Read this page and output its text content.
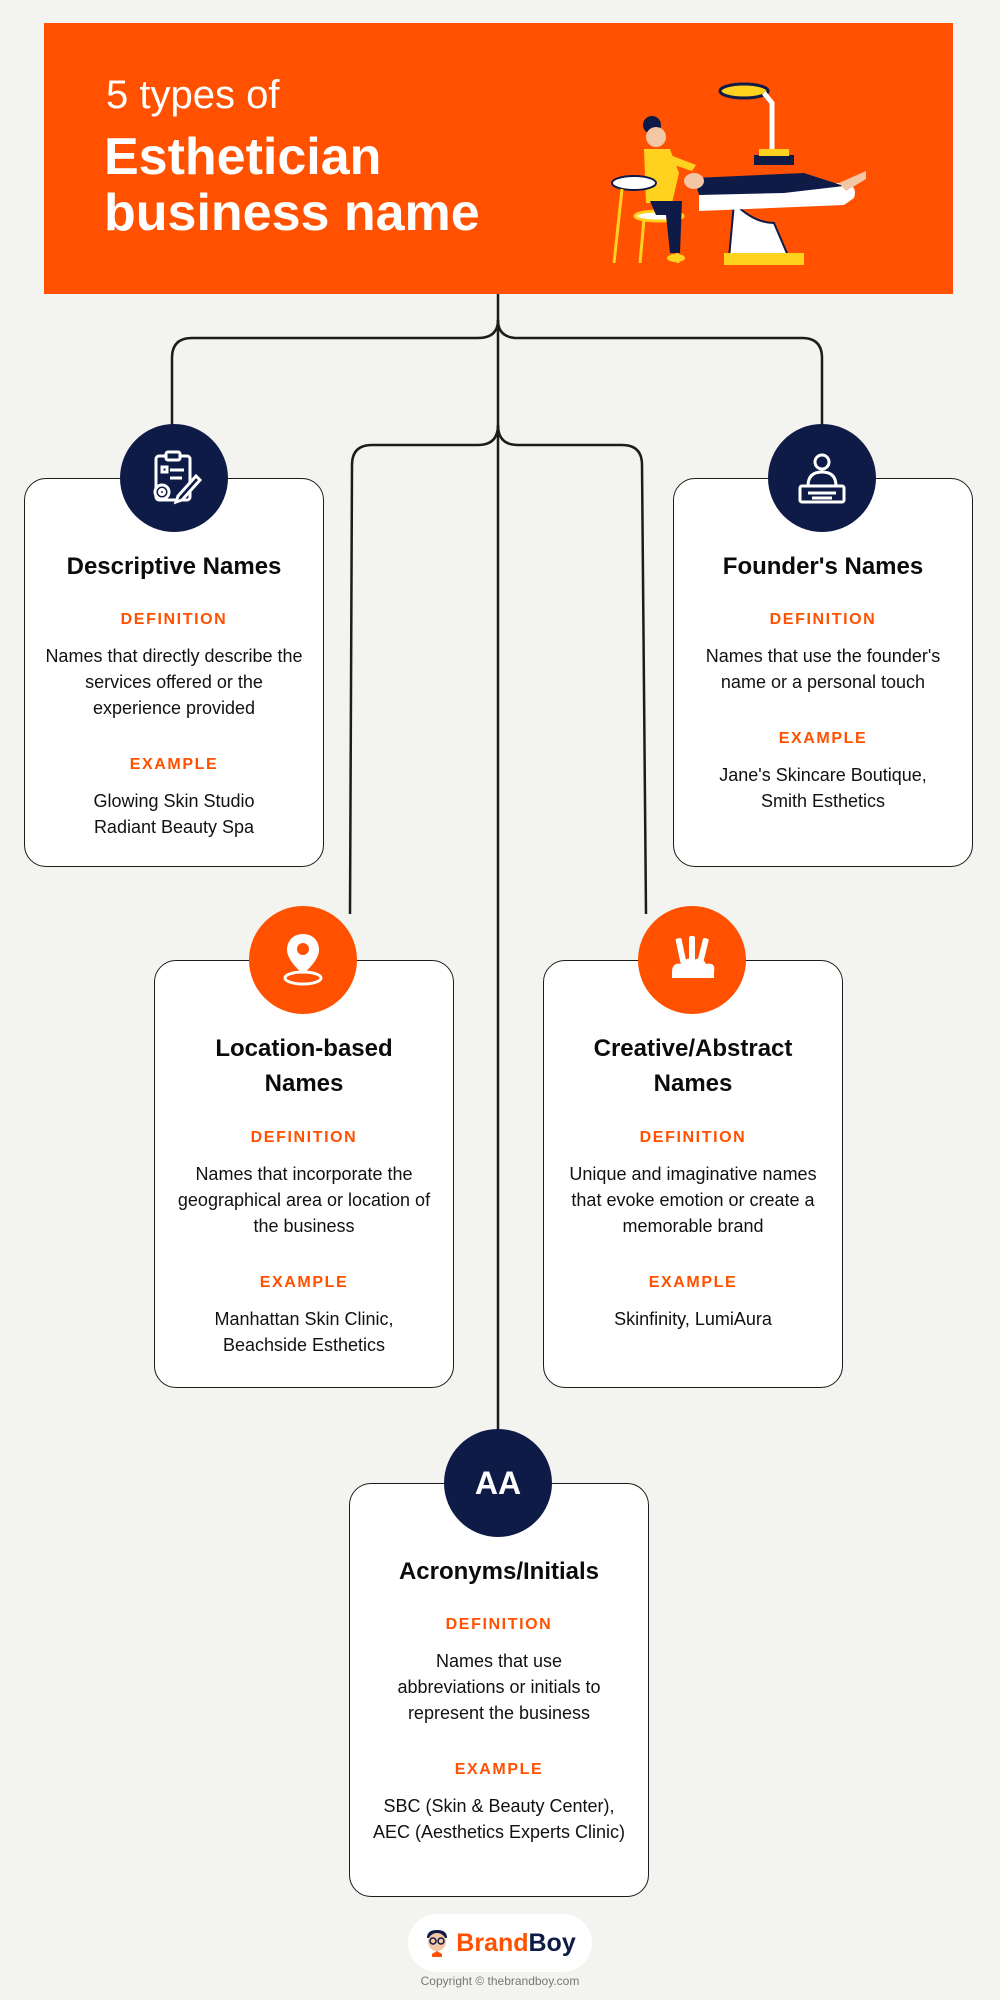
5 types of
Esthetician business name
Descriptive Names
DEFINITION
Names that directly describe the services offered or the experience provided
EXAMPLE
Glowing Skin Studio Radiant Beauty Spa
Founder's Names
DEFINITION
Names that use the founder's name or a personal touch
EXAMPLE
Jane's Skincare Boutique, Smith Esthetics
Location-based Names
DEFINITION
Names that incorporate the geographical area or location of the business
EXAMPLE
Manhattan Skin Clinic, Beachside Esthetics
Creative/Abstract Names
DEFINITION
Unique and imaginative names that evoke emotion or create a memorable brand
EXAMPLE
Skinfinity, LumiAura
Acronyms/Initials
DEFINITION
Names that use abbreviations or initials to represent the business
EXAMPLE
SBC (Skin & Beauty Center), AEC (Aesthetics Experts Clinic)
AA
BrandBoy
Copyright © thebrandboy.com
